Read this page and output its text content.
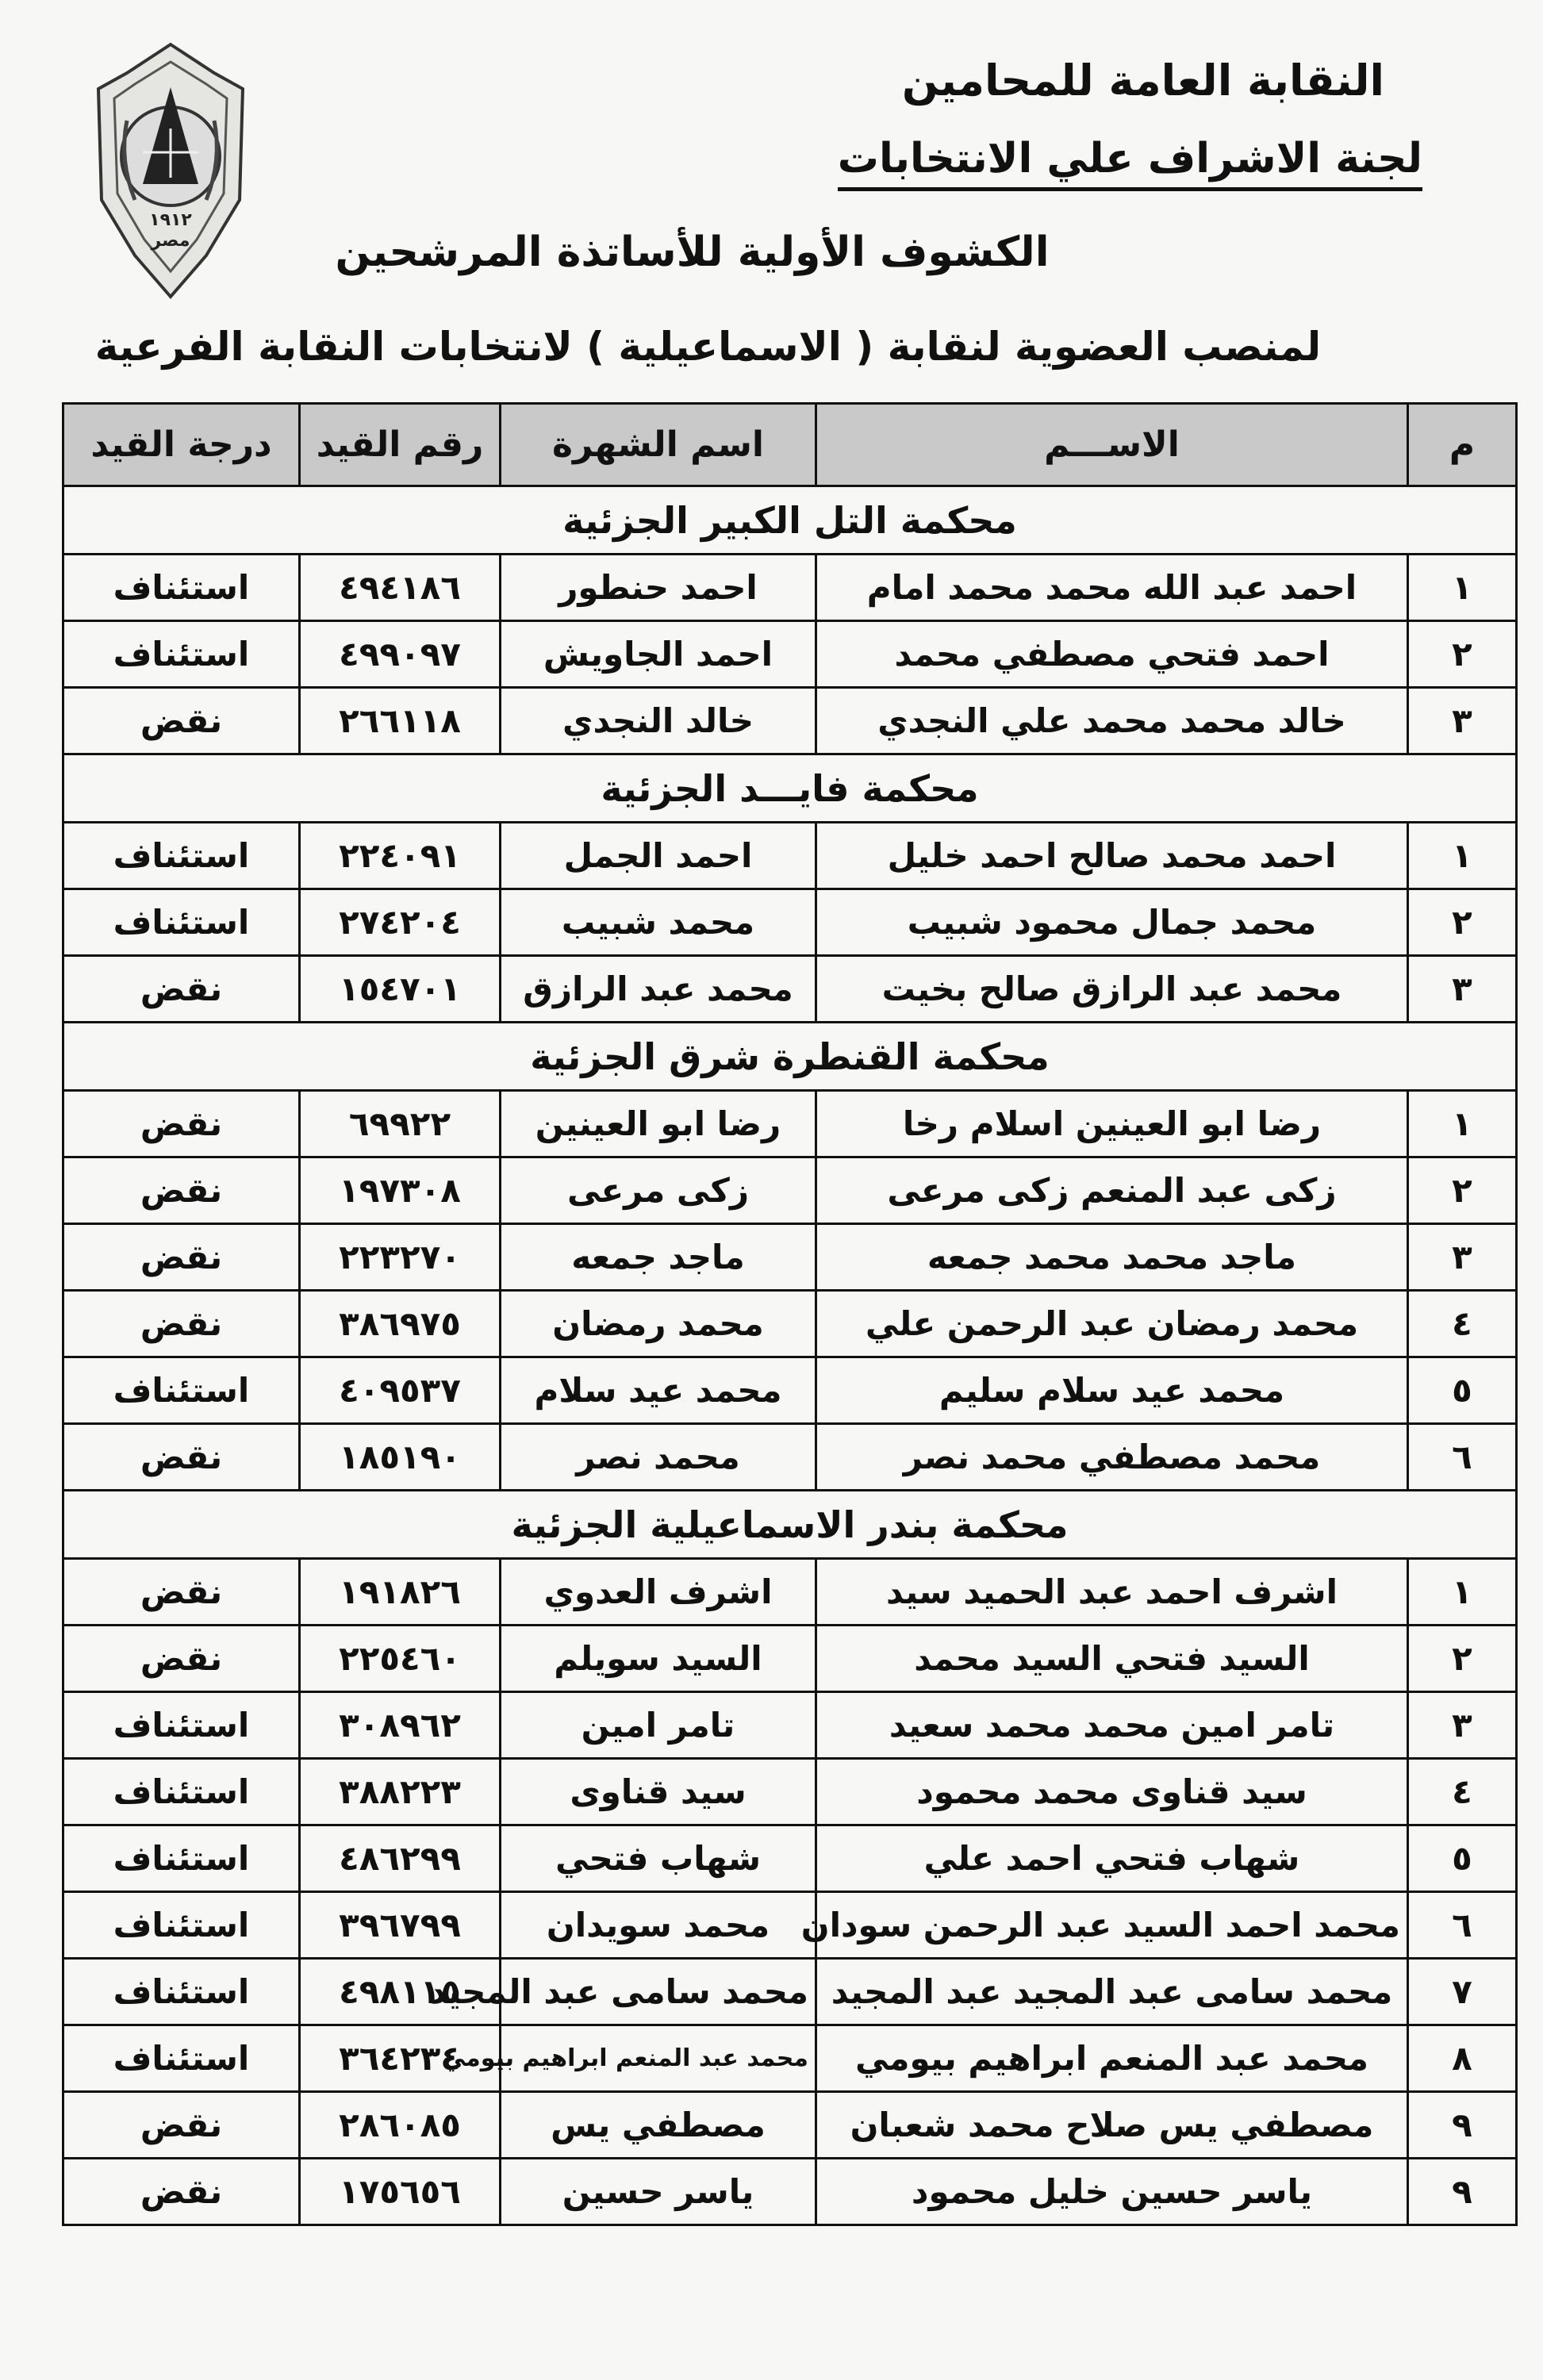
١٩١٢
مصر
النقابة العامة للمحامين
لجنة الاشراف علي الانتخابات
الكشوف الأولية للأساتذة المرشحين
لمنصب العضوية لنقابة ( الاسماعيلية ) لانتخابات النقابة الفرعية
م	الاســـم	اسم الشهرة	رقم القيد	درجة القيد
محكمة التل الكبير الجزئية				
١	احمد عبد الله محمد محمد امام	احمد حنطور	٤٩٤١٨٦	استئناف
٢	احمد فتحي مصطفي محمد	احمد الجاويش	٤٩٩٠٩٧	استئناف
٣	خالد محمد محمد علي النجدي	خالد النجدي	٢٦٦١١٨	نقض
محكمة فايـــد الجزئية				
١	احمد محمد صالح احمد خليل	احمد الجمل	٢٢٤٠٩١	استئناف
٢	محمد جمال محمود شبيب	محمد شبيب	٢٧٤٢٠٤	استئناف
٣	محمد عبد الرازق صالح بخيت	محمد عبد الرازق	١٥٤٧٠١	نقض
محكمة القنطرة شرق الجزئية				
١	رضا ابو العينين اسلام رخا	رضا ابو العينين	٦٩٩٢٢	نقض
٢	زكى عبد المنعم زكى مرعى	زكى مرعى	١٩٧٣٠٨	نقض
٣	ماجد محمد محمد جمعه	ماجد جمعه	٢٢٣٢٧٠	نقض
٤	محمد رمضان عبد الرحمن علي	محمد رمضان	٣٨٦٩٧٥	نقض
٥	محمد عيد سلام سليم	محمد عيد سلام	٤٠٩٥٣٧	استئناف
٦	محمد مصطفي محمد نصر	محمد نصر	١٨٥١٩٠	نقض
محكمة بندر الاسماعيلية الجزئية				
١	اشرف احمد عبد الحميد سيد	اشرف العدوي	١٩١٨٢٦	نقض
٢	السيد فتحي السيد محمد	السيد سويلم	٢٢٥٤٦٠	نقض
٣	تامر امين محمد محمد سعيد	تامر امين	٣٠٨٩٦٢	استئناف
٤	سيد قناوى محمد محمود	سيد قناوى	٣٨٨٢٢٣	استئناف
٥	شهاب فتحي احمد علي	شهاب فتحي	٤٨٦٢٩٩	استئناف
٦	محمد احمد السيد عبد الرحمن سودان	محمد سويدان	٣٩٦٧٩٩	استئناف
٧	محمد سامى عبد المجيد عبد المجيد	محمد سامى عبد المجيد	٤٩٨١١٥	استئناف
٨	محمد عبد المنعم ابراهيم بيومي	محمد عبد المنعم ابراهيم بيومي	٣٦٤٢٣٤	استئناف
٩	مصطفي يس صلاح محمد شعبان	مصطفي يس	٢٨٦٠٨٥	نقض
٩	ياسر حسين خليل محمود	ياسر حسين	١٧٥٦٥٦	نقض
